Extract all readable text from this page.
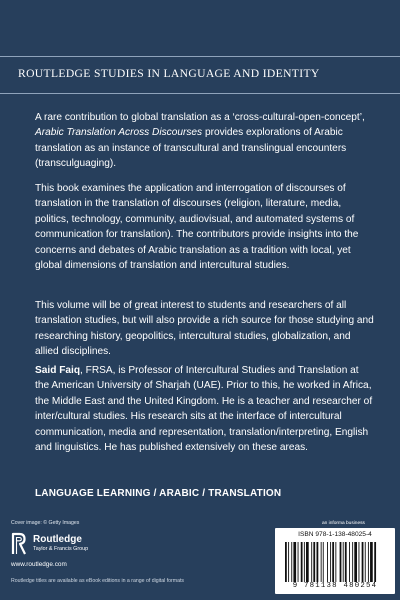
ROUTLEDGE STUDIES IN LANGUAGE AND IDENTITY

A rare contribution to global translation as a ‘cross-cultural-open-concept’, Arabic Translation Across Discourses provides explorations of Arabic translation as an instance of transcultural and translingual encounters (transculguaging).

This book examines the application and interrogation of discourses of translation in the translation of discourses (religion, literature, media, politics, technology, community, audiovisual, and automated systems of communication for translation). The contributors provide insights into the concerns and debates of Arabic translation as a tradition with local, yet global dimensions of translation and intercultural studies.

This volume will be of great interest to students and researchers of all translation studies, but will also provide a rich source for those studying and researching history, geopolitics, intercultural studies, globalization, and allied disciplines.

Said Faiq, FRSA, is Professor of Intercultural Studies and Translation at the American University of Sharjah (UAE). Prior to this, he worked in Africa, the Middle East and the United Kingdom. He is a teacher and researcher of inter/cultural studies. His research sits at the interface of intercultural communication, media and representation, translation/interpreting, English and linguistics. He has published extensively on these areas.

LANGUAGE LEARNING / ARABIC / TRANSLATION
Cover image: © Getty Images
Routledge
Taylor & Francis Group
www.routledge.com
Routledge titles are available as eBook editions in a range of digital formats
an informa business
ISBN 978-1-138-48025-4
9 781138 480254
